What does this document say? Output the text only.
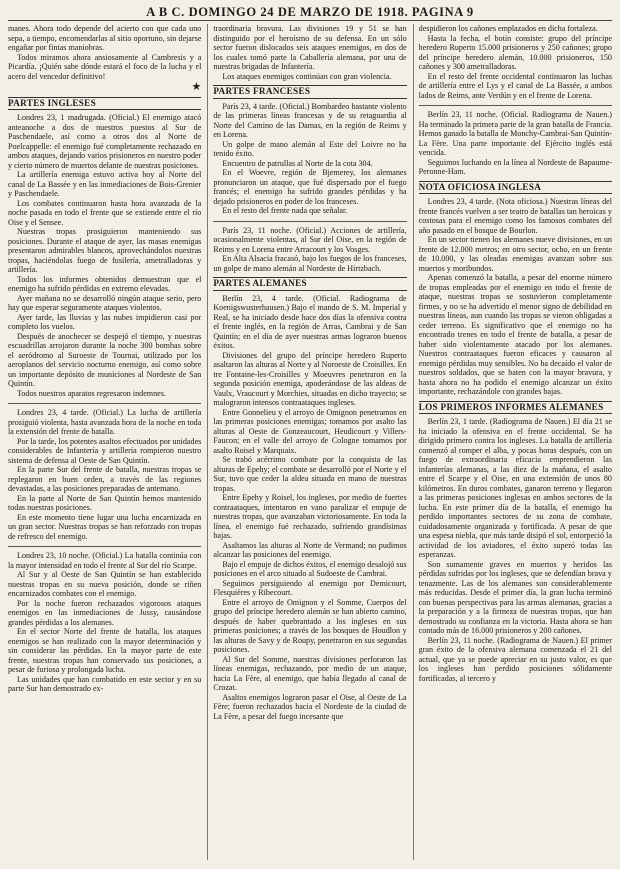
A B C. DOMINGO 24 DE MARZO DE 1918. PAGINA 9

manes. Ahora todo depende del acierto con que cada uno sepa, a tiempo, encomendarlas al sitio oportuno, sin dejarse engañar por fintas maniobras.

Todos miramos ahora ansiosamente al Cambresis y a Picardía. ¡Quién sabe dónde estará el foco de la lucha y el acero del vencedor definitivo!

★
PARTES INGLESES

Londres 23, 1 madrugada. (Oficial.) El enemigo atacó anteanoche a dos de nuestros puestos al Sur de Paschendaele, así como a otros dos al Norte de Poelcappelle: el enemigo fué completamente rechazado en ambos ataques, dejando varios prisioneros en nuestro poder y cierto número de muertos delante de nuestras posiciones.

La artillería enemiga estuvo activa hoy al Norte del canal de La Bassée y en las inmediaciones de Bois-Grenier y Paschendaele.

Los combates continuaron hasta hora avanzada de la noche pasada en todo el frente que se extiende entre el río Oise y el Sensee.

Nuestras tropas prosiguieron manteniendo sus posiciones. Durante el ataque de ayer, las masas enemigas presentaron admirables blancos, aprovechándolos nuestras tropas, haciéndolas fuego de fusilería, ametralladoras y artillería.

Todos los informes obtenidos demuestran que el enemigo ha sufrido pérdidas en extremo elevadas.

Ayer mañana no se desarrolló ningún ataque serio, pero hay que esperar seguramente ataques violentos.

Ayer tarde, las lluvias y las nubes impidieron casi por completo los vuelos.

Después de anochecer se despejó el tiempo, y nuestras escuadrillas arrojaron durante la noche 300 bombas sobre el aeródromo al Suroeste de Tournai, utilizado por los aeroplanos del servicio nocturno enemigo, así como sobre un importante depósito de municiones al Nordeste de San Quintín.

Todos nuestros aparatos regresaron indemnes.

Londres 23, 4 tarde. (Oficial.) La lucha de artillería prosiguió violenta, hasta avanzada hora de la noche en toda la extensión del frente de batalla.

Por la tarde, los potentes asaltos efectuados por unidades considerables de Infantería y artillería rompieron nuestro sistema de defensa al Oeste de San Quintín.

En la parte Sur del frente de batalla, nuestras tropas se replegaron en buen orden, a través de las regiones devastadas, a las posiciones preparadas de antemano.

En la parte al Norte de San Quintín hemos mantenido todas nuestras posiciones.

En este momento tiene lugar una lucha encarnizada en un gran sector. Nuestras tropas se han reforzado con tropas de refresco del enemigo.

Londres 23, 10 noche. (Oficial.) La batalla continúa con la mayor intensidad en todo el frente al Sur del río Scarpe.

Al Sur y al Oeste de San Quintín se han establecido nuestras tropas en su nueva posición, donde se riñen encarnizados combates con el enemigo.

Por la noche fueron rechazados vigorosos ataques enemigos en las inmediaciones de Jussy, causándose grandes pérdidas a los alemanes.

En el sector Norte del frente de batalla, los ataques enemigos se han realizado con la mayor determinación y sin considerar las pérdidas. En la mayor parte de este frente, nuestras tropas han conservado sus posiciones, a pesar de furiosa y prolongada lucha.

Las unidades que han combatido en este sector y en su parte Sur han demostrado ex-

traordinaria bravura. Las divisiones 19 y 51 se han distinguido por el heroísmo de su defensa. En un sólo sector fueron dislocados seis ataques enemigos, en dos de los cuales tomó parte la Caballería alemana, por una de nuestras brigadas de Infantería.

Los ataques enemigos continúan con gran violencia.

PARTES FRANCESES

París 23, 4 tarde. (Oficial.) Bombardeo bastante violento de las primeras líneas francesas y de su retaguardia al Norte del Camino de las Damas, en la región de Reims y en Lorena.

Un golpe de mano alemán al Este del Loivre no ha tenido éxito.

Encuentro de patrullas al Norte de la cota 304.

En el Woevre, región de Bjemerey, los alemanes pronunciaron un ataque, que fué dispersado por el fuego francés; el enemigo ha sufrido grandes pérdidas y ha dejado prisioneros en poder de los franceses.

En el resto del frente nada que señalar.

París 23, 11 noche. (Oficial.) Acciones de artillería, ocasionalmente violentas, al Sur del Oise, en la región de Reims y en Lorena entre Arracourt y los Vosges.

En Alta Alsacia fracasó, bajo los fuegos de los franceses, un golpe de mano alemán al Nordeste de Hirtzbach.

PARTES ALEMANES

Berlín 23, 4 tarde. (Oficial. Radiograma de Koenigswusterhausen.) Bajo el mando de S. M. Imperial y Real, se ha iniciado desde hace dos días la ofensiva contra el frente inglés, en la región de Arras, Cambrai y de San Quintín; en el día de ayer nuestras armas lograron buenos éxitos.

Divisiones del grupo del príncipe heredero Ruperto asaltaron las alturas al Norte y al Noroeste de Croisilles. En tre Fontaine-les-Croisilles y Moeuvres penetraron en la segunda posición enemiga, apoderándose de las aldeas de Vaulx, Vraucourt y Morchies, situadas en dicho trayecto; se malograron intensos contraataques ingleses.

Entre Gonnelieu y el arroyo de Omignon penetramos en las primeras posiciones enemigas; tomamos por asalto las alturas al Oeste de Gonzeaucourt, Heudicourt y Villers-Faucon; en el valle del arroyo de Cologne tomamos por asalto Roisel y Marquaix.

Se trabó acérrimo combate por la conquista de las alturas de Epehy; el combate se desarrolló por el Norte y el Sur, tuvo que ceder la aldea situada en mano de nuestras tropas.

Entre Epehy y Roisel, los ingleses, por medio de fuertes contraataques, intentaron en vano paralizar el empuje de nuestras tropas, que avanzaban victoriosamente. En toda la línea, el enemigo fué rechazado, sufriendo grandísimas bajas.

Asaltamos las alturas al Norte de Vermand; no pudimos alcanzar las posiciones del enemigo.

Bajo el empuje de dichos éxitos, el enemigo desalojó sus posiciones en el arco situado al Sudoeste de Cambrai.

Seguimos persiguiendo al enemigo por Demicourt, Flesquières y Ribecourt.

Entre el arroyo de Omignon y el Somme, Cuerpos del grupo del príncipe heredero alemán se han abierto camino, después de haber quebrantado a los ingleses en sus primeras posiciones; a través de los bosques de Houdlon y las alturas de Savy y de Roupy, penetraron en sus segundas posiciones.

Al Sur del Somme, nuestras divisiones perforaron las líneas enemigas, rechazando, por medio de un ataque, hacia La Fère, al enemigo, que había llegado al canal de Crozat.

Asaltos enemigos lograron pasar el Oise, al Oeste de La Fère; fueron rechazados hacia el Nordeste de la ciudad de La Fère, a pesar del fuego incesante que

despidieron los cañones emplazados en dicha fortaleza.

Hasta la fecha, el botín consiste: grupo del príncipe heredero Ruperto 15.000 prisioneros y 250 cañones; grupo del príncipe heredero alemán, 10.000 prisioneros, 150 cañones y 300 ametralladoras.

En el resto del frente occidental continuaron las luchas de artillería entre el Lys y el canal de La Bassée, a ambos lados de Reims, ante Verdún y en el frente de Lorena.

Berlín 23, 11 noche. (Oficial. Radiograma de Nauen.) Ha terminado la primera parte de la gran batalla de Francia. Hemos ganado la batalla de Monchy-Cambrai-San Quintín-La Fère. Una parte importante del Ejército inglés está vencida.

Seguimos luchando en la línea al Nordeste de Bapaume-Peronne-Ham.

NOTA OFICIOSA INGLESA

Londres 23, 4 tarde. (Nota oficiosa.) Nuestras líneas del frente francés vuelven a ser teatro de batallas tan heroicas y costosas para el enemigo como los famosos combates del año pasado en el bosque de Bourlon.

En un sector tienen los alemanes nueve divisiones, en un frente de 12.000 metros; en otro sector, ocho, en un frente de 10.000, y las oleadas enemigas avanzan sobre sus muertos y moribundos.

Apenas comenzó la batalla, a pesar del enorme número de tropas empleadas por el enemigo en todo el frente de ataque, nuestras tropas se sostuvieron completamente firmes, y no se ha advertido el menor signo de debilidad en nuestras líneas, aun cuando las tropas se vieron obligadas a ceder terreno. Es significativo que el enemigo no ha encontrado trenes en todo el frente de batalla, a pesar de haber sido violentamente atacado por los alemanes. Nuestros contraataques fueron eficaces y causaron al enemigo pérdidas muy sensibles. No ha decaído el valor de nuestros soldados, que se baten con la mayor bravura, y hasta ahora no ha podido el enemigo alcanzar un éxito importante, rechazándole con grandes bajas.

LOS PRIMEROS INFORMES ALEMANES

Berlín 23, 1 tarde. (Radiograma de Nauen.) El día 21 se ha iniciado la ofensiva en el frente occidental. Se ha dirigido primero contra los ingleses. La batalla de artillería comenzó al romper el alba, y pocas horas después, con un fuego de extraordinaria eficacia emprendieron las infanterías alemanas, a las diez de la mañana, el asalto entre el Scarpe y el Oise, en una extensión de unos 80 kilómetros. En duros combates, ganaron terreno y llegaron a las primeras posiciones inglesas en ambos sectores de la lucha. En este primer día de la batalla, el enemigo ha perdido importantes sectores de su zona de combate, cuidadosamente organizada y fortificada. A pesar de que una espesa niebla, que más tarde disipó el sol, entorpeció la actividad de los aviadores, el éxito superó todas las esperanzas.

Son sumamente graves en muertos y heridos las pérdidas sufridas por los ingleses, que se defendían brava y tenazmente. Las de los alemanes son considerablemente más reducidas. Desde el primer día, la gran lucha terminó con buenas perspectivas para las armas alemanas, gracias a la preparación y a la firmeza de nuestras tropas, que han demostrado su confianza en la victoria. Hasta ahora se han contado más de 16.000 prisioneros y 200 cañones.

Berlín 23, 11 noche. (Radiograma de Nauen.) El primer gran éxito de la ofensiva alemana comenzada el 21 del actual, que ya se puede apreciar en su justo valor, es que los ingleses han perdido posiciones sólidamente fortificadas, al tercero y
